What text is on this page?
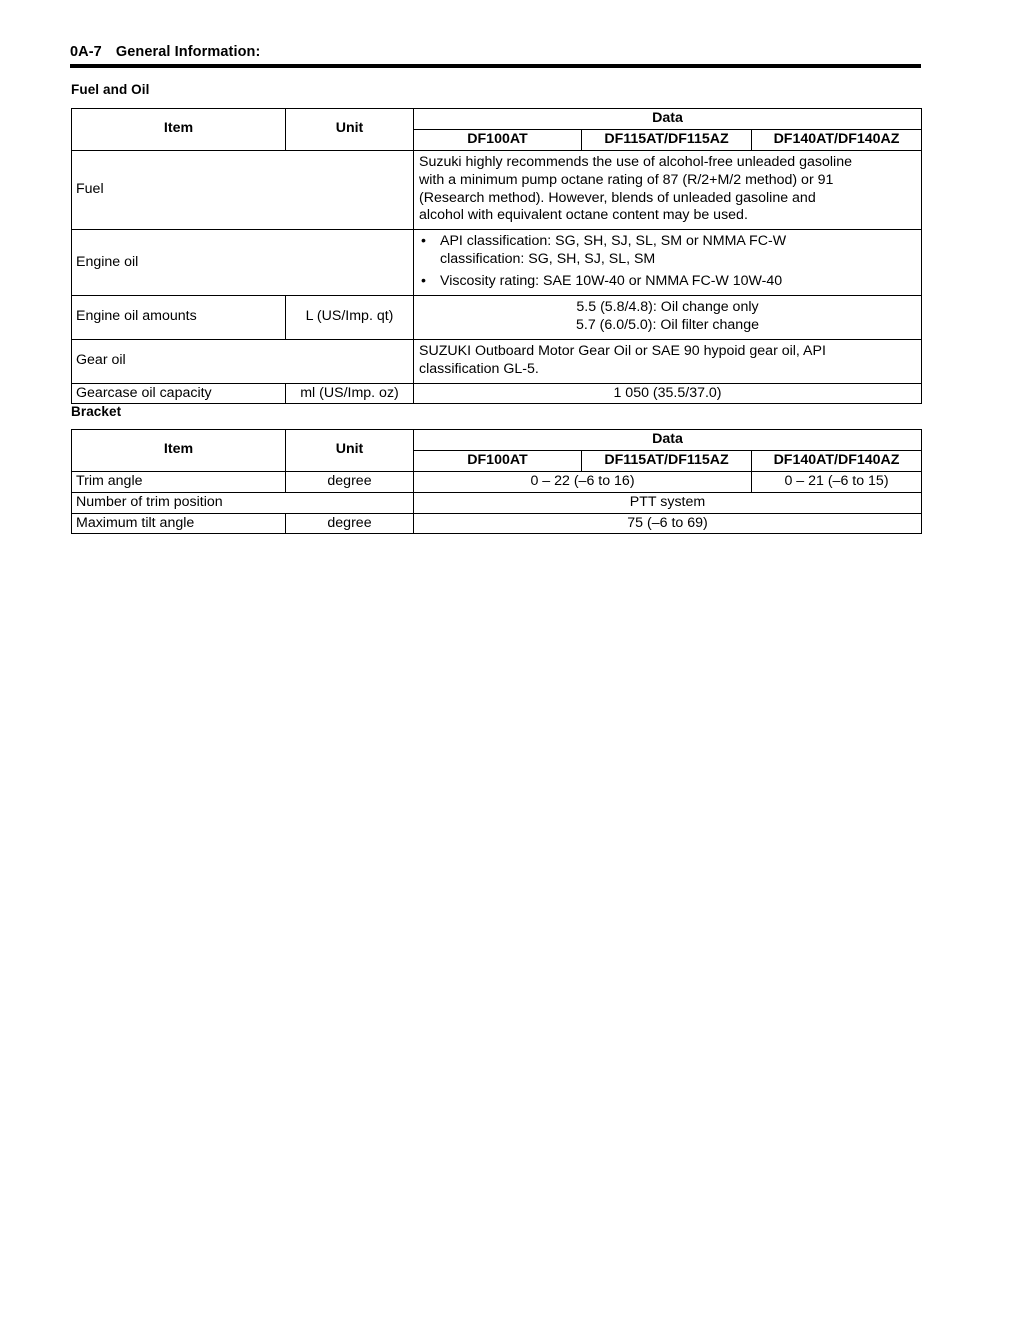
0A-7 General Information:
Fuel and Oil
Item	Unit	Data		
		DF100AT	DF115AT/DF115AZ	DF140AT/DF140AZ
Fuel		Suzuki highly recommends the use of alcohol-free unleaded gasoline
with a minimum pump octane rating of 87 (R/2+M/2 method) or 91
(Research method). However, blends of unleaded gasoline and
alcohol with equivalent octane content may be used.		

Engine oil		• API classification: SG, SH, SJ, SL, SM or NMMA FC-W
classification: SG, SH, SJ, SL, SM
• Viscosity rating: SAE 10W-40 or NMMA FC-W 10W-40		

Engine oil amounts	L (US/Imp. qt)	5.5 (5.8/4.8): Oil change only
5.7 (6.0/5.0): Oil filter change		

Gear oil		SUZUKI Outboard Motor Gear Oil or SAE 90 hypoid gear oil, API
classification GL-5.		

Gearcase oil capacity	ml (US/Imp. oz)	1 050 (35.5/37.0)		
Bracket
Item	Unit	Data		
		DF100AT	DF115AT/DF115AZ	DF140AT/DF140AZ
Trim angle	degree	0 – 22 (–6 to 16)		0 – 21 (–6 to 15)
Number of trim position		PTT system		
Maximum tilt angle	degree	75 (–6 to 69)		
